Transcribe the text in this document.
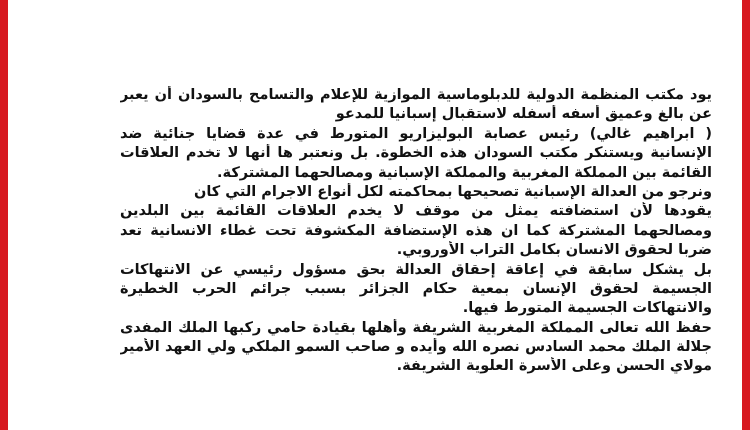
يود مكتب المنظمة الدولية للدبلوماسية الموازية للإعلام والتسامح بالسودان أن يعبر
عن بالغ وعميق أسفه أسفله لاستقبال إسبانيا للمدعو
( ابراهيم غالي) رئيس عصابة البوليزاريو المتورط في عدة قضايا جنائية ضد
الإنسانية ويستنكر مكتب السودان هذه الخطوة. بل ونعتبر ها أنها لا تخدم العلاقات
القائمة بين المملكة المغربية والمملكة الإسبانية ومصالحهما المشتركة.
ونرجو من العدالة الإسبانية تصحيحها بمحاكمته لكل أنواع الاجرام التي كان
يقودها لأن استضافته يمثل من موقف لا يخدم العلاقات القائمة بين البلدين
ومصالحهما المشتركة كما ان هذه الإستضافة المكشوفة تحت غطاء الانسانية تعد
ضربا لحقوق الانسان بكامل التراب الأوروبي.
بل يشكل سابقة في إعاقة إحقاق العدالة بحق مسؤول رئيسي عن الانتهاكات
الجسيمة لحقوق الإنسان بمعية حكام الجزائر بسبب جرائم الحرب الخطيرة
والانتهاكات الجسيمة المتورط فيها.
حفظ الله تعالى المملكة المغربية الشريفة وأهلها بقيادة حامي ركبها الملك المفدى
جلالة الملك محمد السادس نصره الله وأيده و صاحب السمو الملكي ولي العهد الأمير
مولاي الحسن وعلى الأسرة العلوية الشريفة.
